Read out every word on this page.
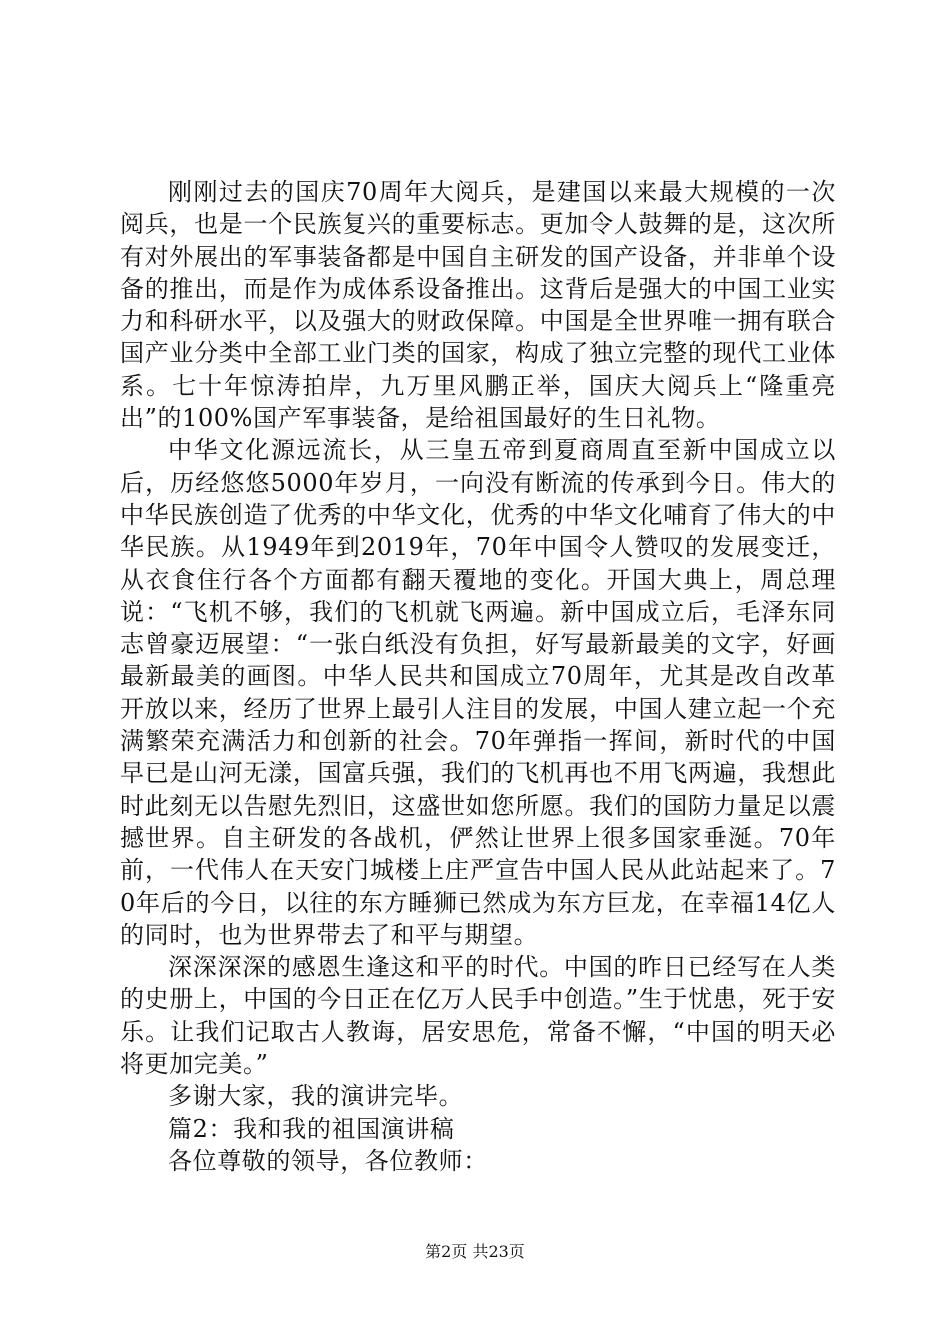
刚刚过去的国庆70周年大阅兵，是建国以来最大规模的一次阅兵，也是一个民族复兴的重要标志。更加令人鼓舞的是，这次所有对外展出的军事装备都是中国自主研发的国产设备，并非单个设备的推出，而是作为成体系设备推出。这背后是强大的中国工业实力和科研水平，以及强大的财政保障。中国是全世界唯一拥有联合国产业分类中全部工业门类的国家，构成了独立完整的现代工业体系。七十年惊涛拍岸，九万里风鹏正举，国庆大阅兵上“隆重亮出”的100%国产军事装备，是给祖国最好的生日礼物。

中华文化源远流长，从三皇五帝到夏商周直至新中国成立以后，历经悠悠5000年岁月，一向没有断流的传承到今日。伟大的中华民族创造了优秀的中华文化，优秀的中华文化哺育了伟大的中华民族。从1949年到2019年，70年中国令人赞叹的发展变迁，从衣食住行各个方面都有翻天覆地的变化。开国大典上，周总理说：“飞机不够，我们的飞机就飞两遍。新中国成立后，毛泽东同志曾豪迈展望：“一张白纸没有负担，好写最新最美的文字，好画最新最美的画图。中华人民共和国成立70周年，尤其是改自改革开放以来，经历了世界上最引人注目的发展，中国人建立起一个充满繁荣充满活力和创新的社会。70年弹指一挥间，新时代的中国早已是山河无漾，国富兵强，我们的飞机再也不用飞两遍，我想此时此刻无以告慰先烈旧，这盛世如您所愿。我们的国防力量足以震撼世界。自主研发的各战机，俨然让世界上很多国家垂涎。70年前，一代伟人在天安门城楼上庄严宣告中国人民从此站起来了。70年后的今日，以往的东方睡狮已然成为东方巨龙，在幸福14亿人的同时，也为世界带去了和平与期望。

深深深深的感恩生逢这和平的时代。中国的昨日已经写在人类的史册上，中国的今日正在亿万人民手中创造。”生于忧患，死于安乐。让我们记取古人教诲，居安思危，常备不懈，“中国的明天必将更加完美。”

多谢大家，我的演讲完毕。

篇2：我和我的祖国演讲稿

各位尊敬的领导，各位教师：

第2页 共23页
